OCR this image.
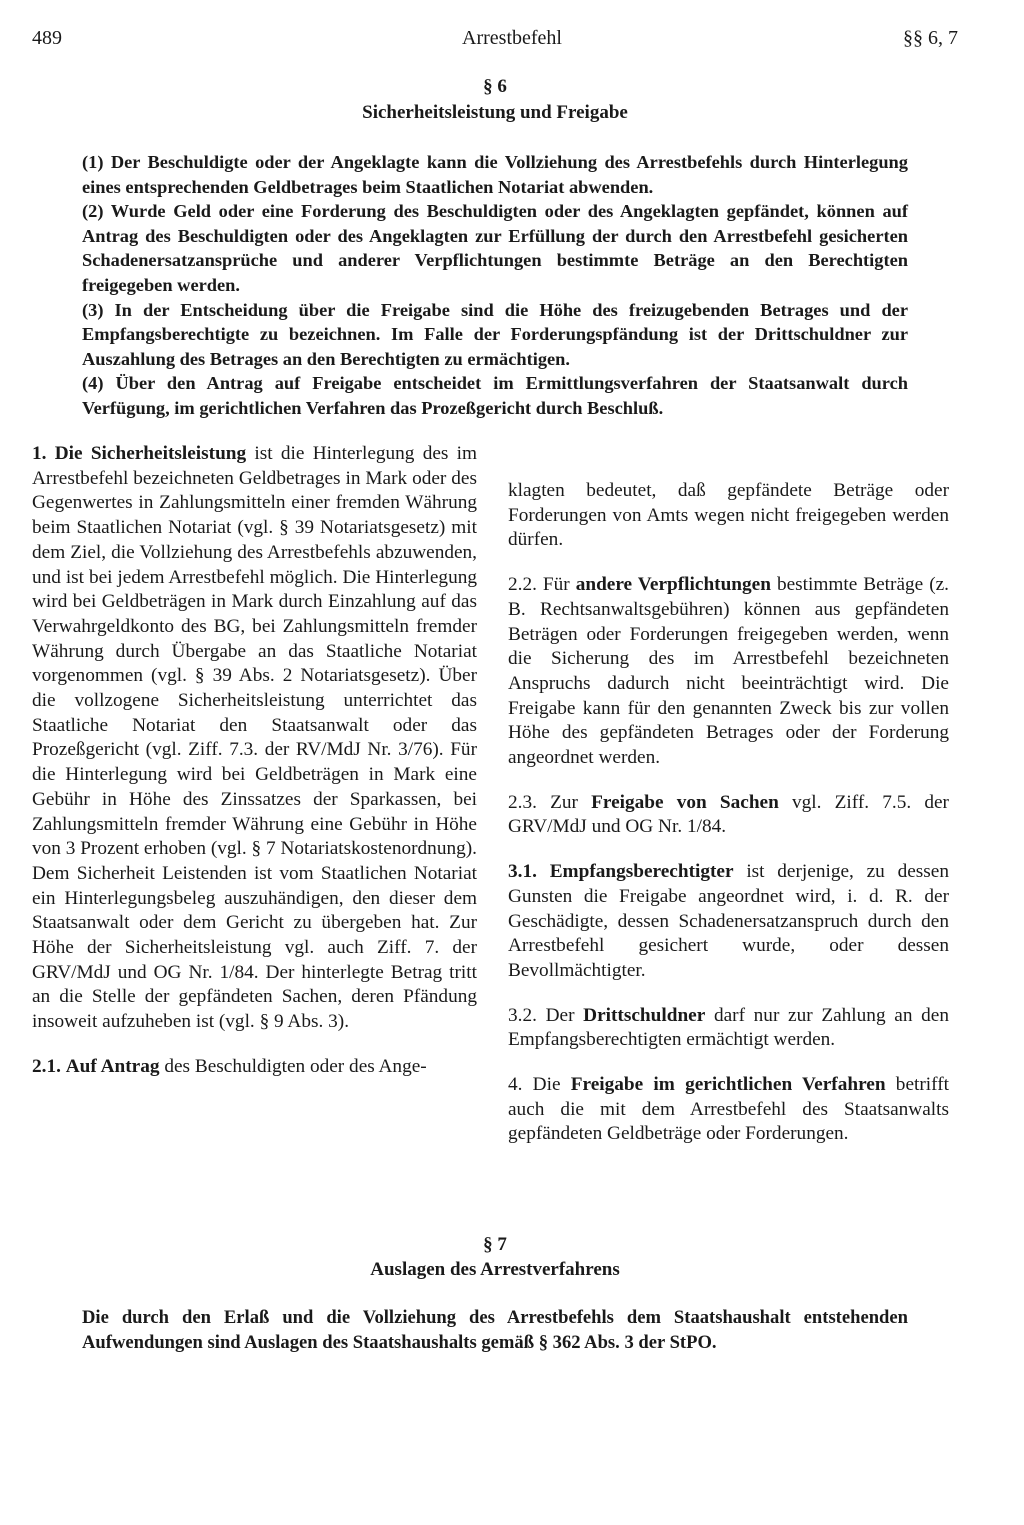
489	Arrestbefehl	§§ 6, 7
§ 6
Sicherheitsleistung und Freigabe

(1) Der Beschuldigte oder der Angeklagte kann die Vollziehung des Arrestbefehls durch Hinterlegung eines entsprechenden Geldbetrages beim Staatlichen Notariat abwenden.

(2) Wurde Geld oder eine Forderung des Beschuldigten oder des Angeklagten gepfändet, können auf Antrag des Beschuldigten oder des Angeklagten zur Erfüllung der durch den Arrestbefehl gesicherten Schadenersatzansprüche und anderer Verpflichtungen bestimmte Beträge an den Berechtigten freigegeben werden.

(3) In der Entscheidung über die Freigabe sind die Höhe des freizugebenden Betrages und der Empfangsberechtigte zu bezeichnen. Im Falle der Forderungspfändung ist der Drittschuldner zur Auszahlung des Betrages an den Berechtigten zu ermächtigen.

(4) Über den Antrag auf Freigabe entscheidet im Ermittlungsverfahren der Staatsanwalt durch Verfügung, im gerichtlichen Verfahren das Prozeßgericht durch Beschluß.

1. Die Sicherheitsleistung ist die Hinterlegung des im Arrestbefehl bezeichneten Geldbetrages in Mark oder des Gegenwertes in Zahlungsmitteln einer fremden Währung beim Staatlichen Notariat (vgl. § 39 Notariatsgesetz) mit dem Ziel, die Vollziehung des Arrestbefehls abzuwenden, und ist bei jedem Arrestbefehl möglich. Die Hinterlegung wird bei Geldbeträgen in Mark durch Einzahlung auf das Verwahrgeldkonto des BG, bei Zahlungsmitteln fremder Währung durch Übergabe an das Staatliche Notariat vorgenommen (vgl. § 39 Abs. 2 Notariatsgesetz). Über die vollzogene Sicherheitsleistung unterrichtet das Staatliche Notariat den Staatsanwalt oder das Prozeßgericht (vgl. Ziff. 7.3. der RV/MdJ Nr. 3/76). Für die Hinterlegung wird bei Geldbeträgen in Mark eine Gebühr in Höhe des Zinssatzes der Sparkassen, bei Zahlungsmitteln fremder Währung eine Gebühr in Höhe von 3 Prozent erhoben (vgl. § 7 Notariatskostenordnung). Dem Sicherheit Leistenden ist vom Staatlichen Notariat ein Hinterlegungsbeleg auszuhändigen, den dieser dem Staatsanwalt oder dem Gericht zu übergeben hat. Zur Höhe der Sicherheitsleistung vgl. auch Ziff. 7. der GRV/MdJ und OG Nr. 1/84. Der hinterlegte Betrag tritt an die Stelle der gepfändeten Sachen, deren Pfändung insoweit aufzuheben ist (vgl. § 9 Abs. 3).

2.1. Auf Antrag des Beschuldigten oder des Ange-

klagten bedeutet, daß gepfändete Beträge oder Forderungen von Amts wegen nicht freigegeben werden dürfen.

2.2. Für andere Verpflichtungen bestimmte Beträge (z. B. Rechtsanwaltsgebühren) können aus gepfändeten Beträgen oder Forderungen freigegeben werden, wenn die Sicherung des im Arrestbefehl bezeichneten Anspruchs dadurch nicht beeinträchtigt wird. Die Freigabe kann für den genannten Zweck bis zur vollen Höhe des gepfändeten Betrages oder der Forderung angeordnet werden.

2.3. Zur Freigabe von Sachen vgl. Ziff. 7.5. der GRV/MdJ und OG Nr. 1/84.

3.1. Empfangsberechtigter ist derjenige, zu dessen Gunsten die Freigabe angeordnet wird, i. d. R. der Geschädigte, dessen Schadenersatzanspruch durch den Arrestbefehl gesichert wurde, oder dessen Bevollmächtigter.

3.2. Der Drittschuldner darf nur zur Zahlung an den Empfangsberechtigten ermächtigt werden.

4. Die Freigabe im gerichtlichen Verfahren betrifft auch die mit dem Arrestbefehl des Staatsanwalts gepfändeten Geldbeträge oder Forderungen.

§ 7
Auslagen des Arrestverfahrens
Die durch den Erlaß und die Vollziehung des Arrestbefehls dem Staatshaushalt entstehenden Aufwendungen sind Auslagen des Staatshaushalts gemäß § 362 Abs. 3 der StPO.
